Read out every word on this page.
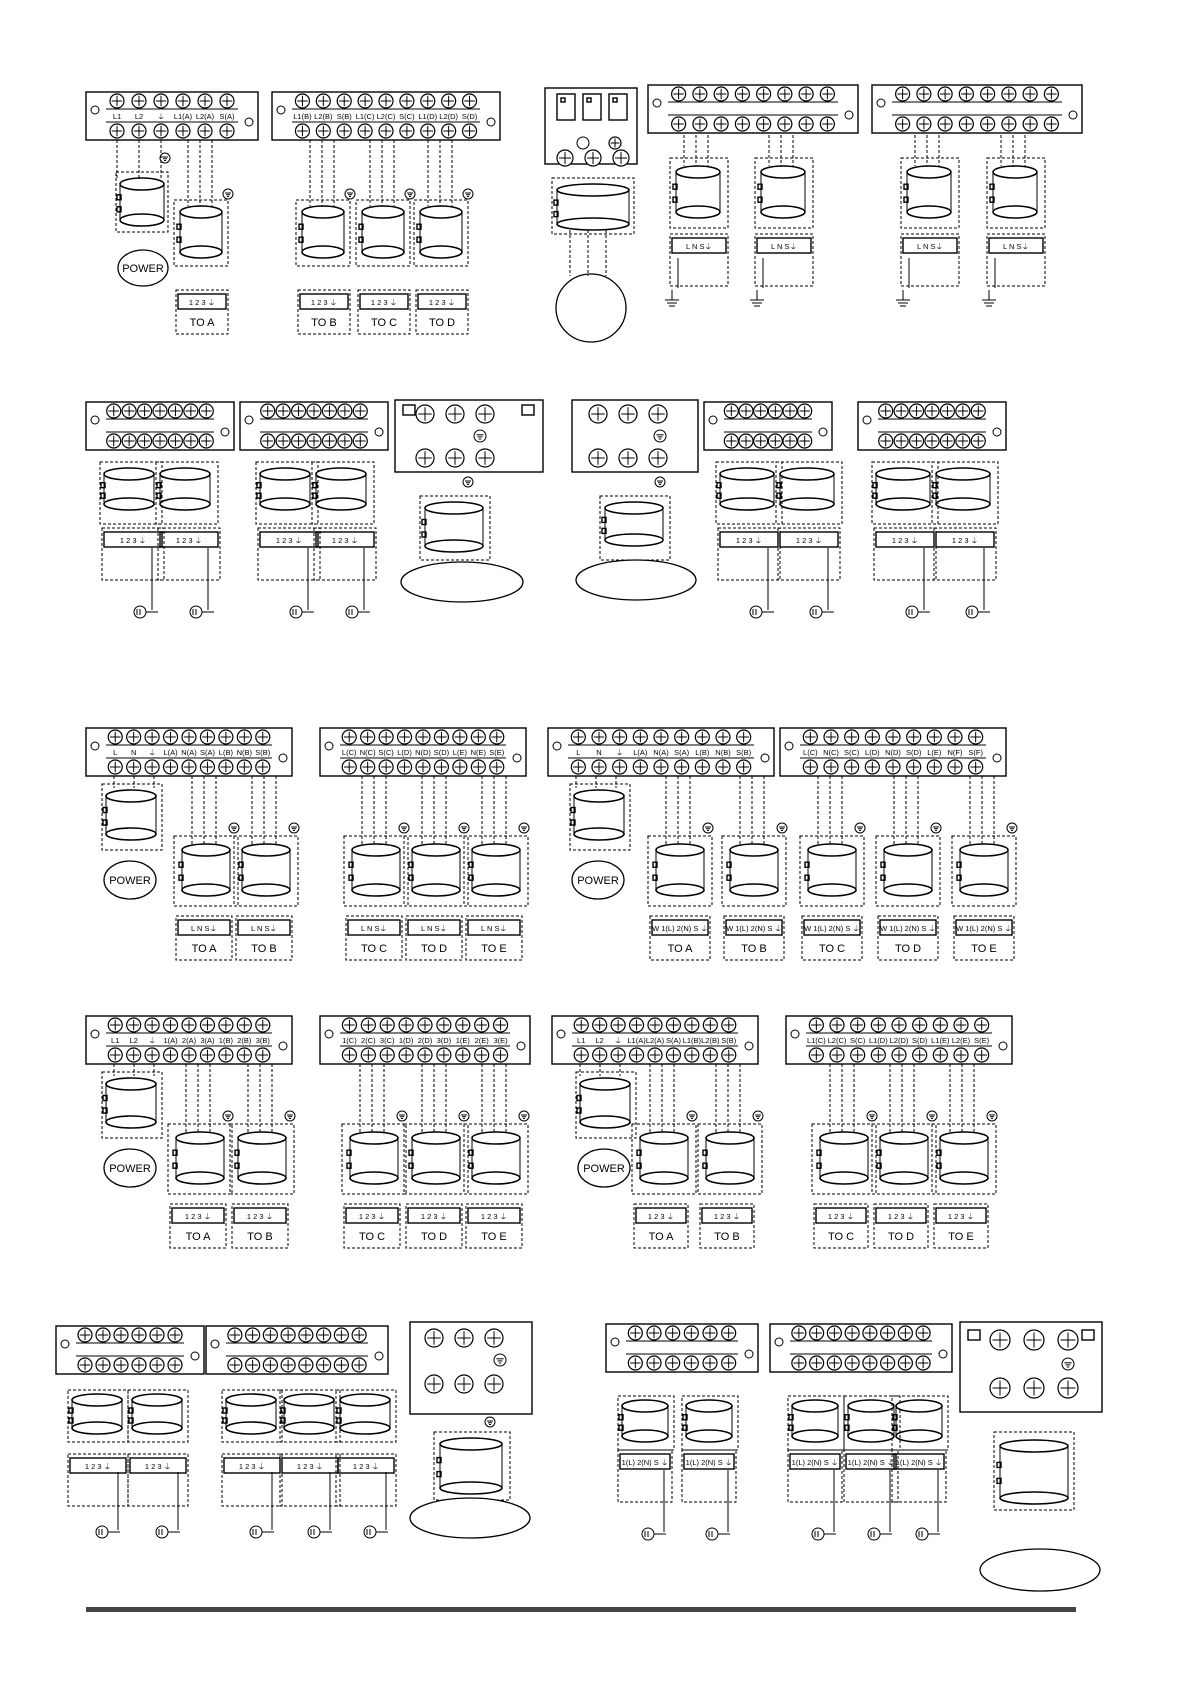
L1 L2 ⏚ L1(A) L2(A) S(A)	L1(B) L2(B) S(B) L1(C) L2(C) S(C) L1(D) L2(D) S(D)
POWER
1 2 3 ⏚
TO A
1 2 3 ⏚
TO B
1 2 3 ⏚
TO C
1 2 3 ⏚
TO D
L N S⏚	L N S⏚	L N S⏚	L N S⏚
1 2 3 ⏚	1 2 3 ⏚	1 2 3 ⏚	1 2 3 ⏚	1 2 3 ⏚	1 2 3 ⏚	1 2 3 ⏚	1 2 3 ⏚
L N ⏚ L(A) N(A) S(A) L(B) N(B) S(B)	L(C) N(C) S(C) L(D) N(D) S(D) L(E) N(E) S(E)
POWER
L N S⏚
TO A
L N S⏚
TO B
L N S⏚
TO C
L N S⏚
TO D
L N S⏚
TO E
L N ⏚ L(A) N(A) S(A) L(B) N(B) S(B)	L(C) N(C) S(C) L(D) N(D) S(D) L(E) N(F) S(F)
POWER
W 1(L) 2(N) S ⏚
TO A
W 1(L) 2(N) S ⏚
TO B
W 1(L) 2(N) S ⏚
TO C
W 1(L) 2(N) S ⏚
TO D
W 1(L) 2(N) S ⏚
TO E
L1 L2 ⏚ 1(A) 2(A) 3(A) 1(B) 2(B) 3(B)	1(C) 2(C) 3(C) 1(D) 2(D) 3(D) 1(E) 2(E) 3(E)
POWER
1 2 3 ⏚
TO A
1 2 3 ⏚
TO B
1 2 3 ⏚
TO C
1 2 3 ⏚
TO D
1 2 3 ⏚
TO E
L1 L2 ⏚ L1(A) L2(A) S(A) L1(B) L2(B) S(B)	L1(C) L2(C) S(C) L1(D) L2(D) S(D) L1(E) L2(E) S(E)
POWER
1 2 3 ⏚
TO A
1 2 3 ⏚
TO B
1 2 3 ⏚
TO C
1 2 3 ⏚
TO D
1 2 3 ⏚
TO E
1 2 3 ⏚	1 2 3 ⏚	1 2 3 ⏚	1 2 3 ⏚	1 2 3 ⏚	1(L) 2(N) S ⏚ 1(L) 2(N) S ⏚	1(L) 2(N) S ⏚ 1(L) 2(N) S ⏚ 1(L) 2(N) S ⏚
